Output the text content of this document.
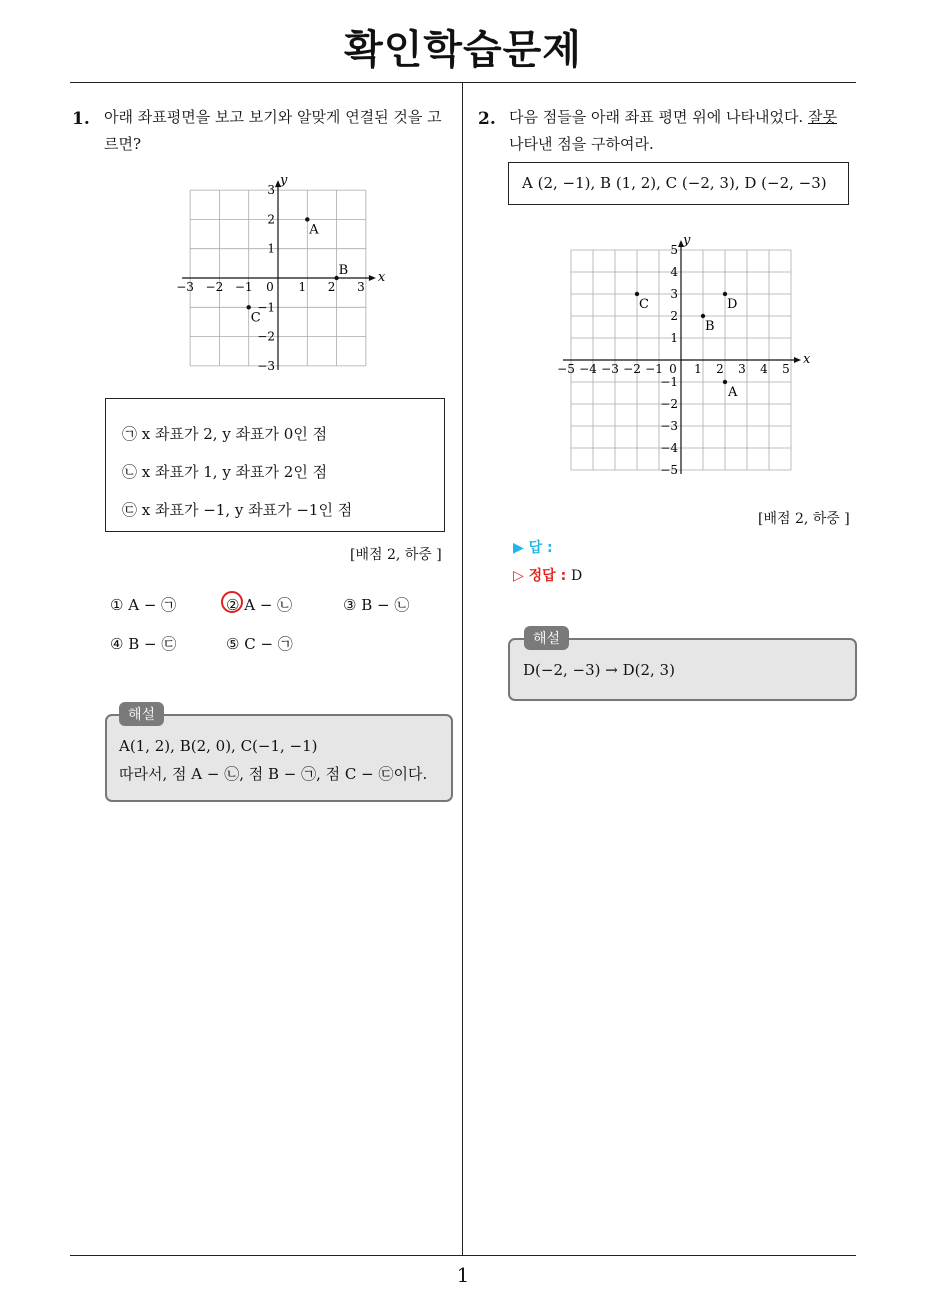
확인학습문제
1. 아래 좌표평면을 보고 보기와 알맞게 연결된 것을 고
르면?
x
y
−3 −2 −1 0 1 2 3
3
2
1
−1
−2
−3
A
B
C
㉠ x 좌표가 2, y 좌표가 0인 점
㉡ x 좌표가 1, y 좌표가 2인 점
㉢ x 좌표가 −1, y 좌표가 −1인 점
[배점 2, 하중 ]
① A − ㉠	② A − ㉡	③ B − ㉡
④ B − ㉢	⑤ C − ㉠
A(1, 2), B(2, 0), C(−1, −1)
따라서, 점 A − ㉡, 점 B − ㉠, 점 C − ㉢이다.
해설
2. 다음 점들을 아래 좌표 평면 위에 나타내었다. 잘못
나타낸 점을 구하여라.
A (2, −1), B (1, 2), C (−2, 3), D (−2, −3)
x
y
−5 −4 −3 −2 −1 0 1 2 3 4 5
5
4
3
2
1
−1
−2
−3
−4
−5
C	D
B
A
[배점 2, 하중 ]
▶ 답 :
▷ 정답 : D
D(−2, −3) → D(2, 3)
해설
1
